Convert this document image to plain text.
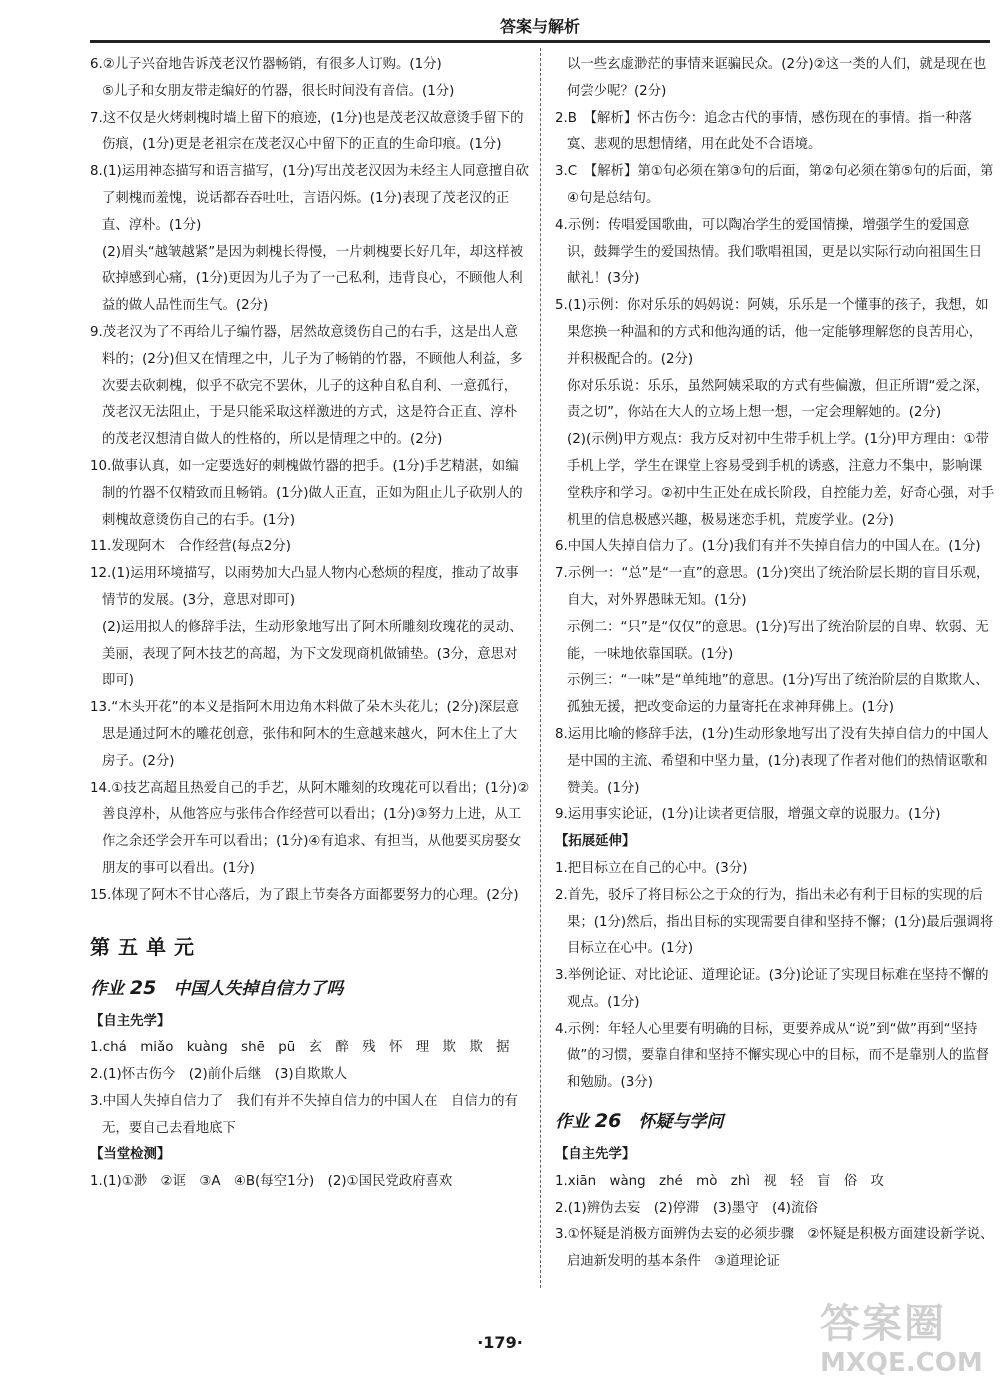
答案与解析

6.②儿子兴奋地告诉茂老汉竹器畅销，有很多人订购。(1分)

⑤儿子和女朋友带走编好的竹器，很长时间没有音信。(1分)

7.这不仅是火烤刺槐时墙上留下的痕迹，(1分)也是茂老汉故意烫手留下的伤痕，(1分)更是老祖宗在茂老汉心中留下的正直的生命印痕。(1分)

8.(1)运用神态描写和语言描写，(1分)写出茂老汉因为未经主人同意擅自砍了刺槐而羞愧，说话都吞吞吐吐，言语闪烁。(1分)表现了茂老汉的正直、淳朴。(1分)

(2)眉头“越皱越紧”是因为刺槐长得慢，一片刺槐要长好几年，却这样被砍掉感到心痛，(1分)更因为儿子为了一己私利，违背良心，不顾他人利益的做人品性而生气。(2分)

9.茂老汉为了不再给儿子编竹器，居然故意烫伤自己的右手，这是出人意料的；(2分)但又在情理之中，儿子为了畅销的竹器，不顾他人利益，多次要去砍刺槐，似乎不砍完不罢休，儿子的这种自私自利、一意孤行，茂老汉无法阻止，于是只能采取这样激进的方式，这是符合正直、淳朴的茂老汉想清自做人的性格的，所以是情理之中的。(2分)

10.做事认真，如一定要选好的刺槐做竹器的把手。(1分)手艺精湛，如编制的竹器不仅精致而且畅销。(1分)做人正直，正如为阻止儿子砍别人的刺槐故意烫伤自己的右手。(1分)

11.发现阿木　合作经营(每点2分)

12.(1)运用环境描写，以雨势加大凸显人物内心愁烦的程度，推动了故事情节的发展。(3分，意思对即可)

(2)运用拟人的修辞手法，生动形象地写出了阿木所雕刻玫瑰花的灵动、美丽，表现了阿木技艺的高超，为下文发现商机做铺垫。(3分，意思对即可)

13.“木头开花”的本义是指阿木用边角木料做了朵木头花儿；(2分)深层意思是通过阿木的雕花创意，张伟和阿木的生意越来越火，阿木住上了大房子。(2分)

14.①技艺高超且热爱自己的手艺，从阿木雕刻的玫瑰花可以看出；(1分)②善良淳朴，从他答应与张伟合作经营可以看出；(1分)③努力上进，从工作之余还学会开车可以看出；(1分)④有追求、有担当，从他要买房娶女朋友的事可以看出。(1分)

15.体现了阿木不甘心落后，为了跟上节奏各方面都要努力的心理。(2分)

第五单元
作业 25　 中国人失掉自信力了吗

【自主先学】

1.chá　miǎo　kuàng　shē　pū　玄　醉　残　怀　理　欺　欺　据

2.(1)怀古伤今　(2)前仆后继　(3)自欺欺人

3.中国人失掉自信力了　我们有并不失掉自信力的中国人在　自信力的有无，要自己去看地底下

【当堂检测】

1.(1)①渺　②诓　③A　④B(每空1分)　(2)①国民党政府喜欢

以一些玄虚渺茫的事情来诓骗民众。(2分)②这一类的人们，就是现在也何尝少呢？(2分)

2.B　【解析】怀古伤今：追念古代的事情，感伤现在的事情。指一种落寞、悲观的思想情绪，用在此处不合语境。

3.C　【解析】第①句必须在第③句的后面，第②句必须在第⑤句的后面，第④句是总结句。

4.示例：传唱爱国歌曲，可以陶冶学生的爱国情操，增强学生的爱国意识，鼓舞学生的爱国热情。我们歌唱祖国，更是以实际行动向祖国生日献礼！(3分)

5.(1)示例：你对乐乐的妈妈说：阿姨，乐乐是一个懂事的孩子，我想，如果您换一种温和的方式和他沟通的话，他一定能够理解您的良苦用心，并积极配合的。(2分)

你对乐乐说：乐乐，虽然阿姨采取的方式有些偏激，但正所谓“爱之深，责之切”，你站在大人的立场上想一想，一定会理解她的。(2分)

(2)(示例)甲方观点：我方反对初中生带手机上学。(1分)甲方理由：①带手机上学，学生在课堂上容易受到手机的诱惑，注意力不集中，影响课堂秩序和学习。②初中生正处在成长阶段，自控能力差，好奇心强，对手机里的信息极感兴趣，极易迷恋手机，荒废学业。(2分)

6.中国人失掉自信力了。(1分)我们有并不失掉自信力的中国人在。(1分)

7.示例一：“总”是“一直”的意思。(1分)突出了统治阶层长期的盲目乐观，自大，对外界愚昧无知。(1分)

示例二：“只”是“仅仅”的意思。(1分)写出了统治阶层的自卑、软弱、无能，一味地依靠国联。(1分)

示例三：“一味”是“单纯地”的意思。(1分)写出了统治阶层的自欺欺人、孤独无援，把改变命运的力量寄托在求神拜佛上。(1分)

8.运用比喻的修辞手法，(1分)生动形象地写出了没有失掉自信力的中国人是中国的主流、希望和中坚力量，(1分)表现了作者对他们的热情讴歌和赞美。(1分)

9.运用事实论证，(1分)让读者更信服，增强文章的说服力。(1分)

【拓展延伸】

1.把目标立在自己的心中。(3分)

2.首先，驳斥了将目标公之于众的行为，指出未必有利于目标的实现的后果；(1分)然后，指出目标的实现需要自律和坚持不懈；(1分)最后强调将目标立在心中。(1分)

3.举例论证、对比论证、道理论证。(3分)论证了实现目标难在坚持不懈的观点。(1分)

4.示例：年轻人心里要有明确的目标，更要养成从“说”到“做”再到“坚持做”的习惯，要靠自律和坚持不懈实现心中的目标，而不是靠别人的监督和勉励。(3分)

作业 26　 怀疑与学问

【自主先学】

1.xiān　wàng　zhé　mò　zhì　视　轻　盲　俗　攻

2.(1)辨伪去妄　(2)停滞　(3)墨守　(4)流俗

3.①怀疑是消极方面辨伪去妄的必须步骤　②怀疑是积极方面建设新学说、启迪新发明的基本条件　③道理论证

·179·	答案圈
MXQE.COM
